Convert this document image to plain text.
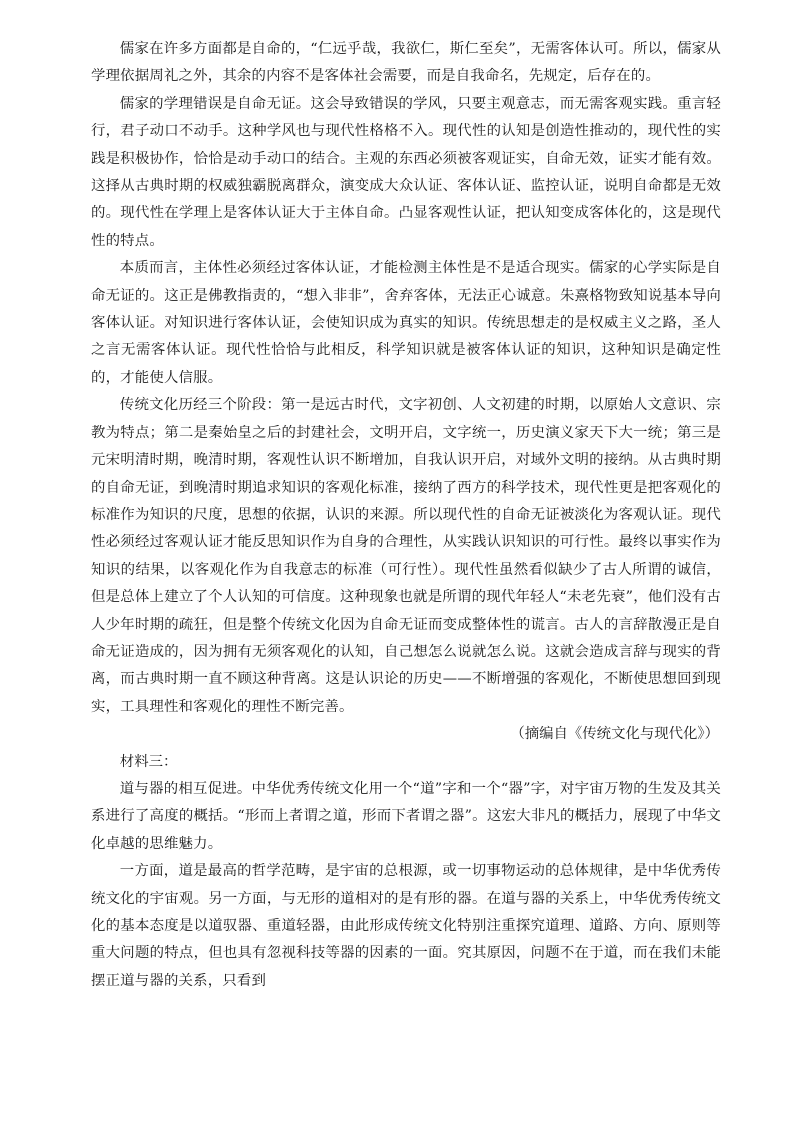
儒家在许多方面都是自命的，“仁远乎哉，我欲仁，斯仁至矣”，无需客体认可。所以，儒家从学理依据周礼之外，其余的内容不是客体社会需要，而是自我命名，先规定，后存在的。

儒家的学理错误是自命无证。这会导致错误的学风，只要主观意志，而无需客观实践。重言轻行，君子动口不动手。这种学风也与现代性格格不入。现代性的认知是创造性推动的，现代性的实践是积极协作，恰恰是动手动口的结合。主观的东西必须被客观证实，自命无效，证实才能有效。这择从古典时期的权威独霸脱离群众，演变成大众认证、客体认证、监控认证，说明自命都是无效的。现代性在学理上是客体认证大于主体自命。凸显客观性认证，把认知变成客体化的，这是现代性的特点。

本质而言，主体性必须经过客体认证，才能检测主体性是不是适合现实。儒家的心学实际是自命无证的。这正是佛教指责的，“想入非非”，舍弃客体，无法正心诚意。朱熹格物致知说基本导向客体认证。对知识进行客体认证，会使知识成为真实的知识。传统思想走的是权威主义之路，圣人之言无需客体认证。现代性恰恰与此相反，科学知识就是被客体认证的知识，这种知识是确定性的，才能使人信服。

传统文化历经三个阶段：第一是远古时代，文字初创、人文初建的时期，以原始人文意识、宗教为特点；第二是秦始皇之后的封建社会，文明开启，文字统一，历史演义家天下大一统；第三是元宋明清时期，晚清时期，客观性认识不断增加，自我认识开启，对域外文明的接纳。从古典时期的自命无证，到晚清时期追求知识的客观化标准，接纳了西方的科学技术，现代性更是把客观化的标准作为知识的尺度，思想的依据，认识的来源。所以现代性的自命无证被淡化为客观认证。现代性必须经过客观认证才能反思知识作为自身的合理性，从实践认识知识的可行性。最终以事实作为知识的结果，以客观化作为自我意志的标准（可行性）。现代性虽然看似缺少了古人所谓的诚信，但是总体上建立了个人认知的可信度。这种现象也就是所谓的现代年轻人“未老先衰”，他们没有古人少年时期的疏狂，但是整个传统文化因为自命无证而变成整体性的谎言。古人的言辞散漫正是自命无证造成的，因为拥有无须客观化的认知，自己想怎么说就怎么说。这就会造成言辞与现实的背离，而古典时期一直不顾这种背离。这是认识论的历史——不断增强的客观化，不断使思想回到现实，工具理性和客观化的理性不断完善。

（摘编自《传统文化与现代化》）

材料三：

道与器的相互促进。中华优秀传统文化用一个“道”字和一个“器”字，对宇宙万物的生发及其关系进行了高度的概括。“形而上者谓之道，形而下者谓之器”。这宏大非凡的概括力，展现了中华文化卓越的思维魅力。

一方面，道是最高的哲学范畴，是宇宙的总根源，或一切事物运动的总体规律，是中华优秀传统文化的宇宙观。另一方面，与无形的道相对的是有形的器。在道与器的关系上，中华优秀传统文化的基本态度是以道驭器、重道轻器，由此形成传统文化特别注重探究道理、道路、方向、原则等重大问题的特点，但也具有忽视科技等器的因素的一面。究其原因，问题不在于道，而在我们未能摆正道与器的关系，只看到
